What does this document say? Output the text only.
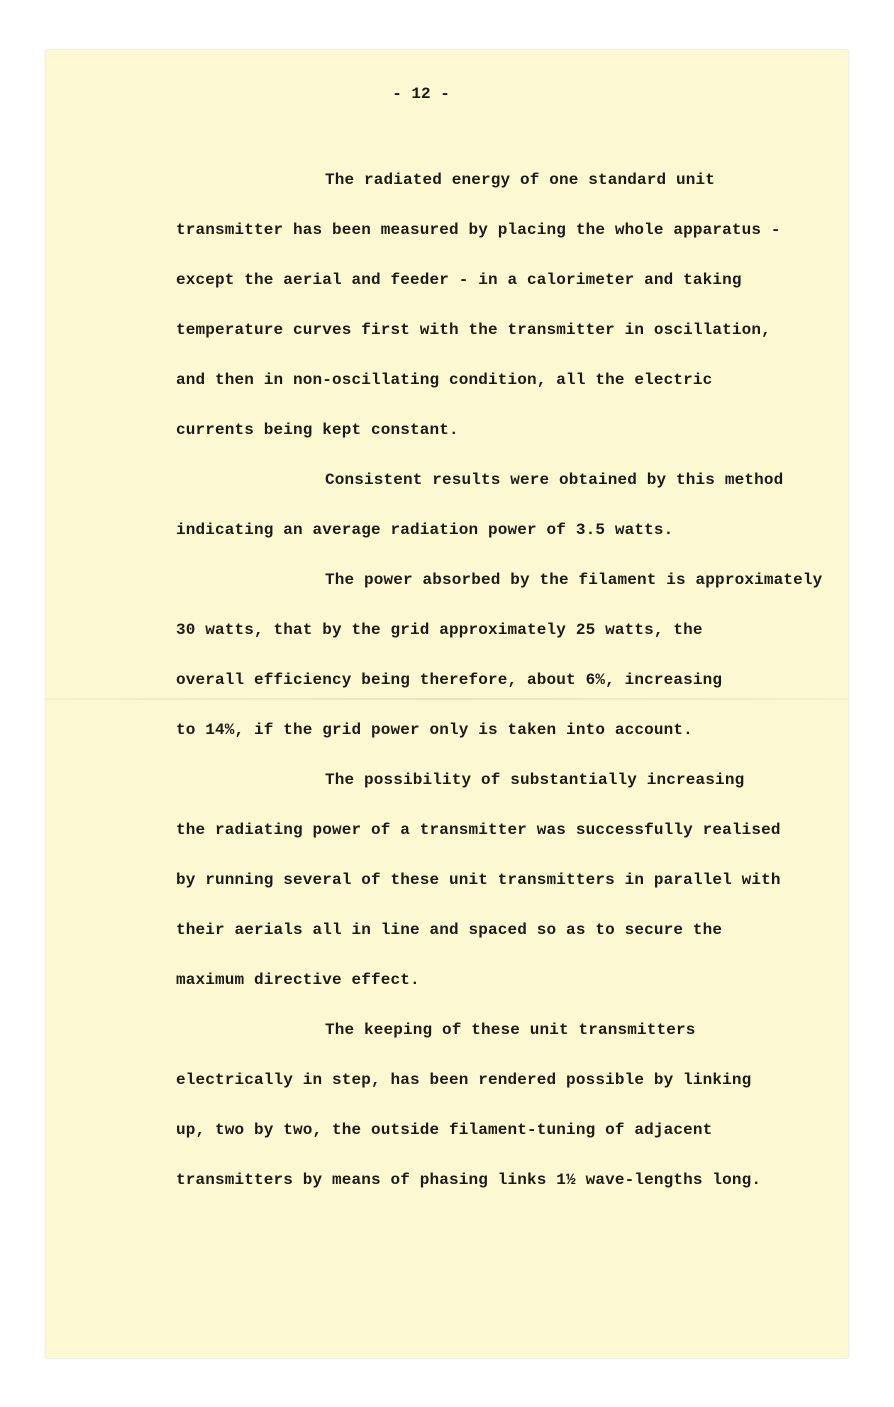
- 12 -
The radiated energy of one standard unit
transmitter has been measured by placing the whole apparatus -
except the aerial and feeder - in a calorimeter and taking
temperature curves first with the transmitter in oscillation,
and then in non-oscillating condition, all the electric
currents being kept constant.
Consistent results were obtained by this method
indicating an average radiation power of 3.5 watts.
The power absorbed by the filament is approximately
30 watts, that by the grid approximately 25 watts, the
overall efficiency being therefore, about 6%, increasing
to 14%, if the grid power only is taken into account.
The possibility of substantially increasing
the radiating power of a transmitter was successfully realised
by running several of these unit transmitters in parallel with
their aerials all in line and spaced so as to secure the
maximum directive effect.
The keeping of these unit transmitters
electrically in step, has been rendered possible by linking
up, two by two, the outside filament-tuning of adjacent
transmitters by means of phasing links 1½ wave-lengths long.
